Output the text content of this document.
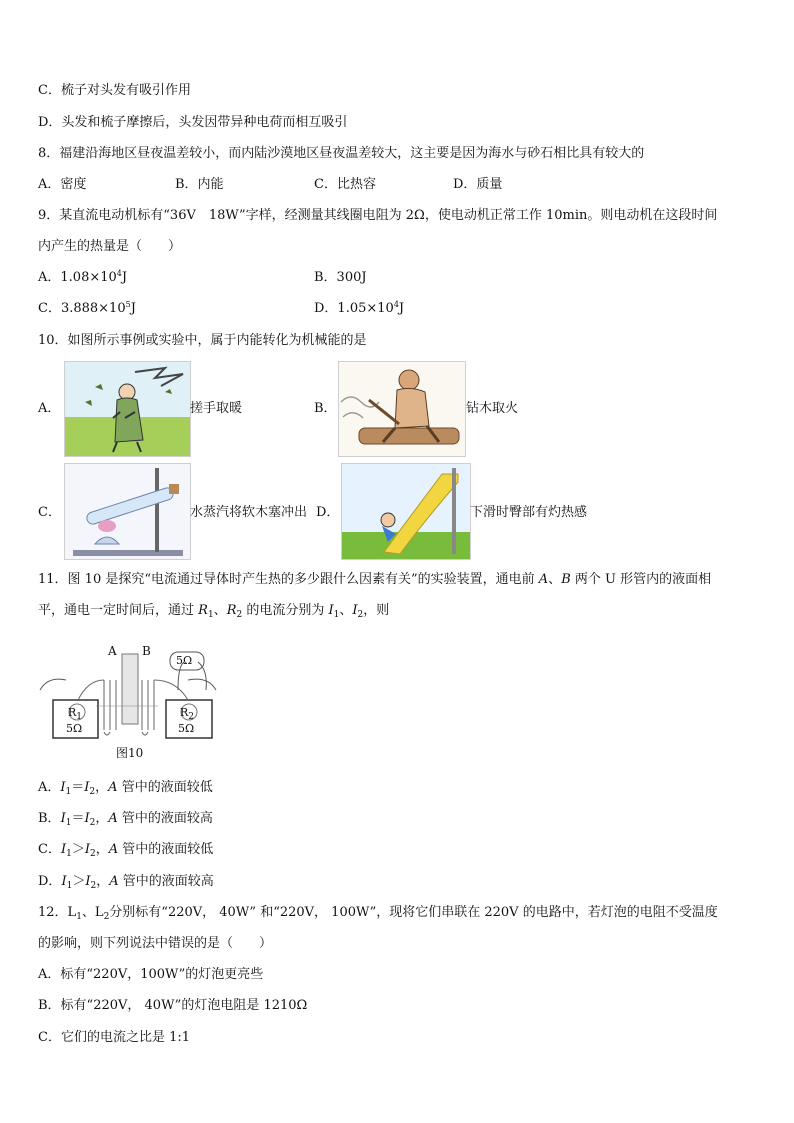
C．梳子对头发有吸引作用
D．头发和梳子摩擦后，头发因带异种电荷而相互吸引
8．福建沿海地区昼夜温差较小，而内陆沙漠地区昼夜温差较大，这主要是因为海水与砂石相比具有较大的
A．密度	B．内能	C．比热容	D．质量
9．某直流电动机标有“36V　18W”字样，经测量其线圈电阻为 2Ω，使电动机正常工作 10min。则电动机在这段时间
内产生的热量是（　　）
A．$1.08\times 10^4J$	B．300J
C．$3.888\times 10^5J$	D．$1.05\times 10^4J$
10．如图所示事例或实验中，属于内能转化为机械能的是
A．	搓手取暖	B．	钻木取火
C．	水蒸汽将软木塞冲出 D．	下滑时臀部有灼热感
11．图 10 是探究“电流通过导体时产生热的多少跟什么因素有关”的实验装置，通电前 A、B 两个 U 形管内的液面相
平，通电一定时间后，通过 $R_1$、$R_2$ 的电流分别为 $I_1$、$I_2$，则
A B
5Ω
$R_1$
5Ω
$R_2$
5Ω
图10
A．$I_1=I_2$，A 管中的液面较低
B．$I_1=I_2$，A 管中的液面较高
C．$I_1>I_2$，A 管中的液面较低
D．$I_1>I_2$，A 管中的液面较高
12．$L_1$、$L_2$分别标有“220V， 40W” 和“220V， 100W”，现将它们串联在 220V 的电路中，若灯泡的电阻不受温度
的影响，则下列说法中错误的是（　　）
A．标有“220V，100W”的灯泡更亮些
B．标有“220V， 40W”的灯泡电阻是 1210Ω
C．它们的电流之比是 1:1
